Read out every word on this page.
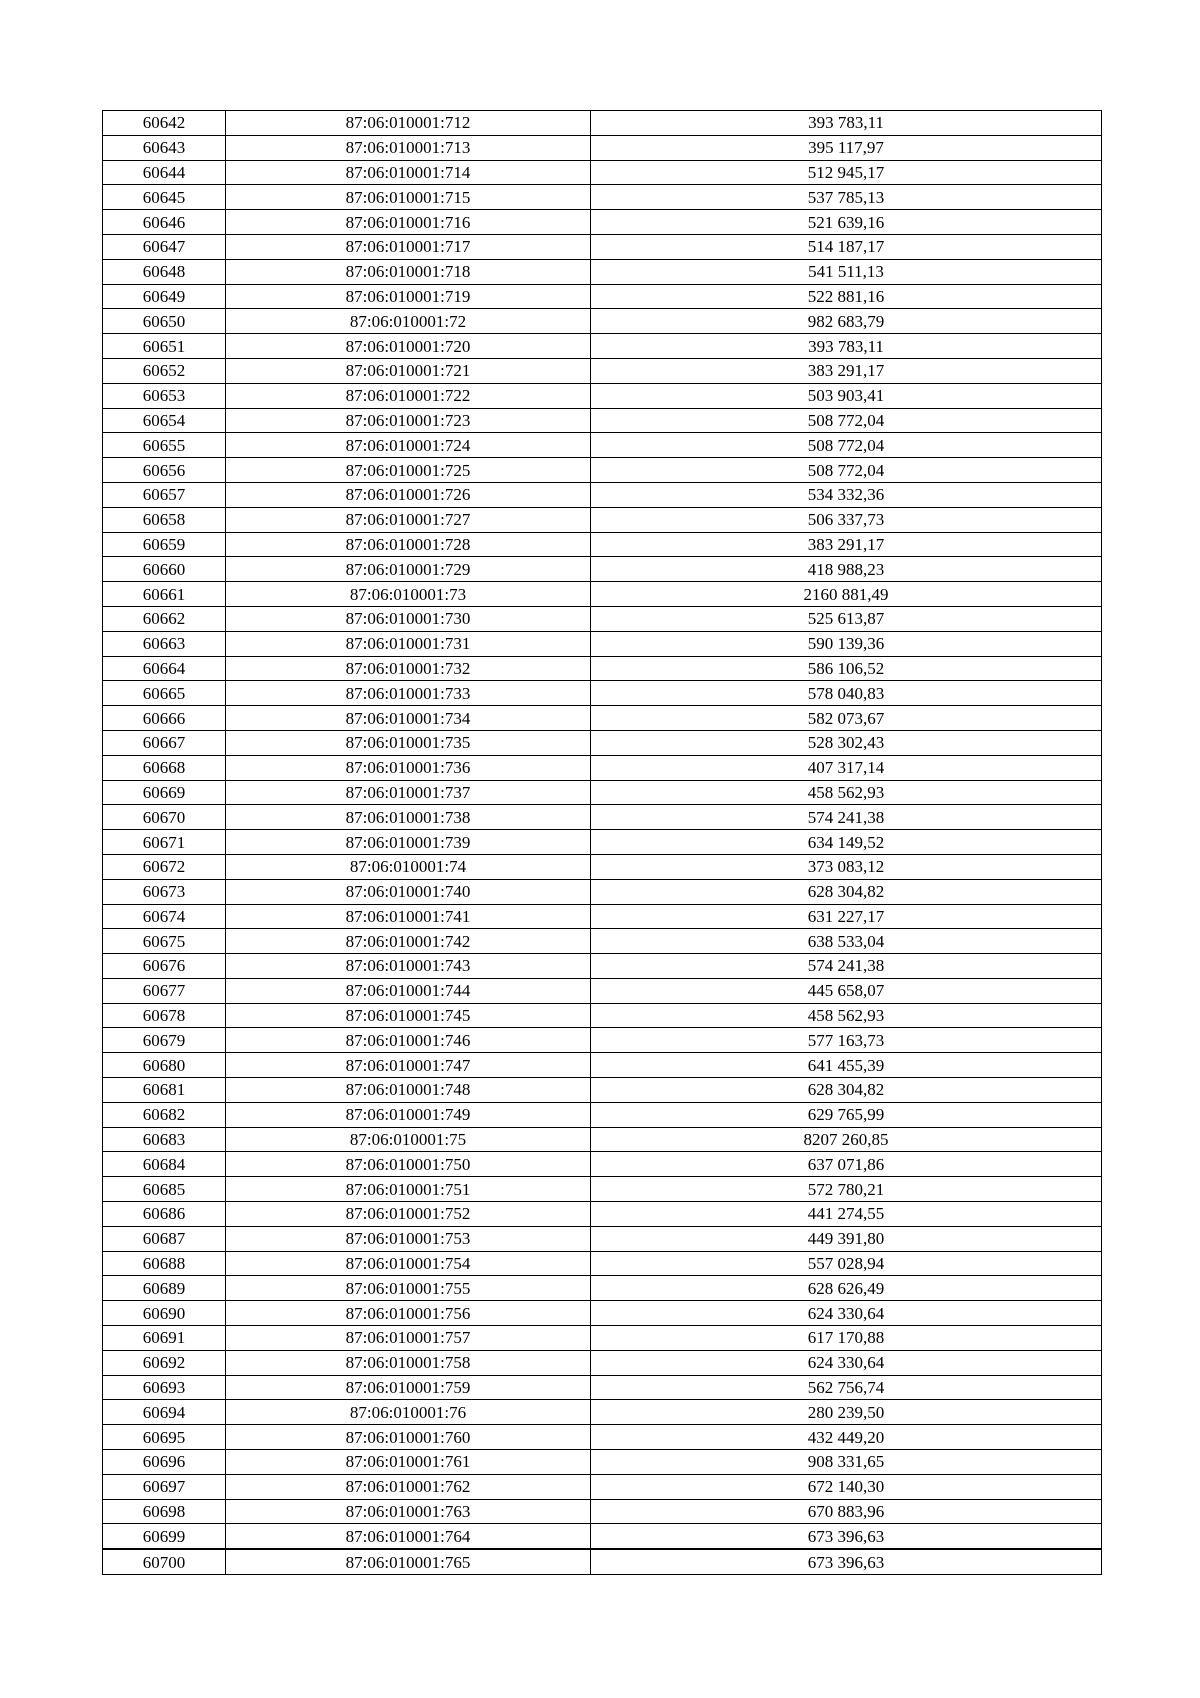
60642	87:06:010001:712	393 783,11
60643	87:06:010001:713	395 117,97
60644	87:06:010001:714	512 945,17
60645	87:06:010001:715	537 785,13
60646	87:06:010001:716	521 639,16
60647	87:06:010001:717	514 187,17
60648	87:06:010001:718	541 511,13
60649	87:06:010001:719	522 881,16
60650	87:06:010001:72	982 683,79
60651	87:06:010001:720	393 783,11
60652	87:06:010001:721	383 291,17
60653	87:06:010001:722	503 903,41
60654	87:06:010001:723	508 772,04
60655	87:06:010001:724	508 772,04
60656	87:06:010001:725	508 772,04
60657	87:06:010001:726	534 332,36
60658	87:06:010001:727	506 337,73
60659	87:06:010001:728	383 291,17
60660	87:06:010001:729	418 988,23
60661	87:06:010001:73	2160 881,49
60662	87:06:010001:730	525 613,87
60663	87:06:010001:731	590 139,36
60664	87:06:010001:732	586 106,52
60665	87:06:010001:733	578 040,83
60666	87:06:010001:734	582 073,67
60667	87:06:010001:735	528 302,43
60668	87:06:010001:736	407 317,14
60669	87:06:010001:737	458 562,93
60670	87:06:010001:738	574 241,38
60671	87:06:010001:739	634 149,52
60672	87:06:010001:74	373 083,12
60673	87:06:010001:740	628 304,82
60674	87:06:010001:741	631 227,17
60675	87:06:010001:742	638 533,04
60676	87:06:010001:743	574 241,38
60677	87:06:010001:744	445 658,07
60678	87:06:010001:745	458 562,93
60679	87:06:010001:746	577 163,73
60680	87:06:010001:747	641 455,39
60681	87:06:010001:748	628 304,82
60682	87:06:010001:749	629 765,99
60683	87:06:010001:75	8207 260,85
60684	87:06:010001:750	637 071,86
60685	87:06:010001:751	572 780,21
60686	87:06:010001:752	441 274,55
60687	87:06:010001:753	449 391,80
60688	87:06:010001:754	557 028,94
60689	87:06:010001:755	628 626,49
60690	87:06:010001:756	624 330,64
60691	87:06:010001:757	617 170,88
60692	87:06:010001:758	624 330,64
60693	87:06:010001:759	562 756,74
60694	87:06:010001:76	280 239,50
60695	87:06:010001:760	432 449,20
60696	87:06:010001:761	908 331,65
60697	87:06:010001:762	672 140,30
60698	87:06:010001:763	670 883,96
60699	87:06:010001:764	673 396,63
60700	87:06:010001:765	673 396,63
